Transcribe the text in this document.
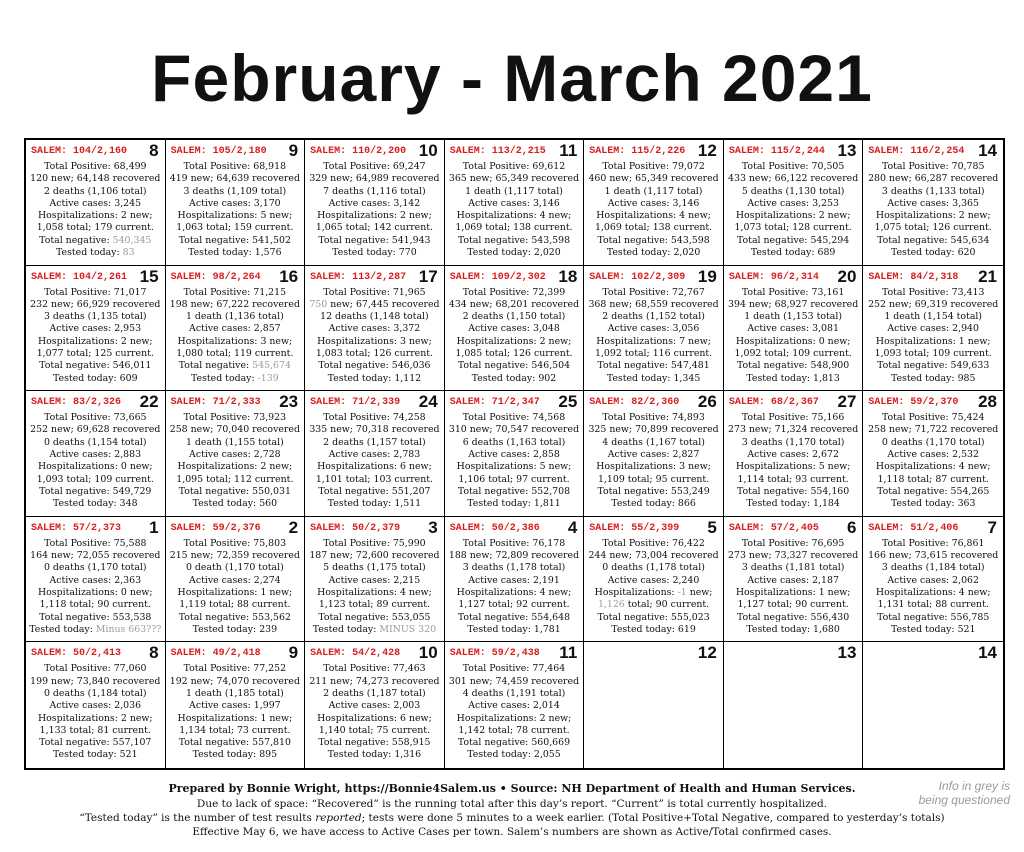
February - March 2021
SALEM: 104/2,160 8
Total Positive: 68,499
120 new; 64,148 recovered
2 deaths (1,106 total)
Active cases: 3,245
Hospitalizations: 2 new;
1,058 total; 179 current.
Total negative: 540,345
Tested today: 83
SALEM: 105/2,180 9
Total Positive: 68,918
419 new; 64,639 recovered
3 deaths (1,109 total)
Active cases: 3,170
Hospitalizations: 5 new;
1,063 total; 159 current.
Total negative: 541,502
Tested today: 1,576
SALEM: 110/2,200 10
Total Positive: 69,247
329 new; 64,989 recovered
7 deaths (1,116 total)
Active cases: 3,142
Hospitalizations: 2 new;
1,065 total; 142 current.
Total negative: 541,943
Tested today: 770
SALEM: 113/2,215 11
Total Positive: 69,612
365 new; 65,349 recovered
1 death (1,117 total)
Active cases: 3,146
Hospitalizations: 4 new;
1,069 total; 138 current.
Total negative: 543,598
Tested today: 2,020
SALEM: 115/2,226 12
Total Positive: 79,072
460 new; 65,349 recovered
1 death (1,117 total)
Active cases: 3,146
Hospitalizations: 4 new;
1,069 total; 138 current.
Total negative: 543,598
Tested today: 2,020
SALEM: 115/2,244 13
Total Positive: 70,505
433 new; 66,122 recovered
5 deaths (1,130 total)
Active cases: 3,253
Hospitalizations: 2 new;
1,073 total; 128 current.
Total negative: 545,294
Tested today: 689
SALEM: 116/2,254 14
Total Positive: 70,785
280 new; 66,287 recovered
3 deaths (1,133 total)
Active cases: 3,365
Hospitalizations: 2 new;
1,075 total; 126 current.
Total negative: 545,634
Tested today: 620
SALEM: 104/2,261 15
Total Positive: 71,017
232 new; 66,929 recovered
3 deaths (1,135 total)
Active cases: 2,953
Hospitalizations: 2 new;
1,077 total; 125 current.
Total negative: 546,011
Tested today: 609
SALEM: 98/2,264 16
Total Positive: 71,215
198 new; 67,222 recovered
1 death (1,136 total)
Active cases: 2,857
Hospitalizations: 3 new;
1,080 total; 119 current.
Total negative: 545,674
Tested today: -139
SALEM: 113/2,287 17
Total Positive: 71,965
750 new; 67,445 recovered
12 deaths (1,148 total)
Active cases: 3,372
Hospitalizations: 3 new;
1,083 total; 126 current.
Total negative: 546,036
Tested today: 1,112
SALEM: 109/2,302 18
Total Positive: 72,399
434 new; 68,201 recovered
2 deaths (1,150 total)
Active cases: 3,048
Hospitalizations: 2 new;
1,085 total; 126 current.
Total negative: 546,504
Tested today: 902
SALEM: 102/2,309 19
Total Positive: 72,767
368 new; 68,559 recovered
2 deaths (1,152 total)
Active cases: 3,056
Hospitalizations: 7 new;
1,092 total; 116 current.
Total negative: 547,481
Tested today: 1,345
SALEM: 96/2,314 20
Total Positive: 73,161
394 new; 68,927 recovered
1 death (1,153 total)
Active cases: 3,081
Hospitalizations: 0 new;
1,092 total; 109 current.
Total negative: 548,900
Tested today: 1,813
SALEM: 84/2,318 21
Total Positive: 73,413
252 new; 69,319 recovered
1 death (1,154 total)
Active cases: 2,940
Hospitalizations: 1 new;
1,093 total; 109 current.
Total negative: 549,633
Tested today: 985
SALEM: 83/2,326 22
Total Positive: 73,665
252 new; 69,628 recovered
0 deaths (1,154 total)
Active cases: 2,883
Hospitalizations: 0 new;
1,093 total; 109 current.
Total negative: 549,729
Tested today: 348
SALEM: 71/2,333 23
Total Positive: 73,923
258 new; 70,040 recovered
1 death (1,155 total)
Active cases: 2,728
Hospitalizations: 2 new;
1,095 total; 112 current.
Total negative: 550,031
Tested today: 560
SALEM: 71/2,339 24
Total Positive: 74,258
335 new; 70,318 recovered
2 deaths (1,157 total)
Active cases: 2,783
Hospitalizations: 6 new;
1,101 total; 103 current.
Total negative: 551,207
Tested today: 1,511
SALEM: 71/2,347 25
Total Positive: 74,568
310 new; 70,547 recovered
6 deaths (1,163 total)
Active cases: 2,858
Hospitalizations: 5 new;
1,106 total; 97 current.
Total negative: 552,708
Tested today: 1,811
SALEM: 82/2,360 26
Total Positive: 74,893
325 new; 70,899 recovered
4 deaths (1,167 total)
Active cases: 2,827
Hospitalizations: 3 new;
1,109 total; 95 current.
Total negative: 553,249
Tested today: 866
SALEM: 68/2,367 27
Total Positive: 75,166
273 new; 71,324 recovered
3 deaths (1,170 total)
Active cases: 2,672
Hospitalizations: 5 new;
1,114 total; 93 current.
Total negative: 554,160
Tested today: 1,184
SALEM: 59/2,370 28
Total Positive: 75,424
258 new; 71,722 recovered
0 deaths (1,170 total)
Active cases: 2,532
Hospitalizations: 4 new;
1,118 total; 87 current.
Total negative: 554,265
Tested today: 363
SALEM: 57/2,373 1
Total Positive: 75,588
164 new; 72,055 recovered
0 deaths (1,170 total)
Active cases: 2,363
Hospitalizations: 0 new;
1,118 total; 90 current.
Total negative: 553,538
Tested today: Minus 663???
SALEM: 59/2,376 2
Total Positive: 75,803
215 new; 72,359 recovered
0 death (1,170 total)
Active cases: 2,274
Hospitalizations: 1 new;
1,119 total; 88 current.
Total negative: 553,562
Tested today: 239
SALEM: 50/2,379 3
Total Positive: 75,990
187 new; 72,600 recovered
5 deaths (1,175 total)
Active cases: 2,215
Hospitalizations: 4 new;
1,123 total; 89 current.
Total negative: 553,055
Tested today: MINUS 320
SALEM: 50/2,386 4
Total Positive: 76,178
188 new; 72,809 recovered
3 deaths (1,178 total)
Active cases: 2,191
Hospitalizations: 4 new;
1,127 total; 92 current.
Total negative: 554,648
Tested today: 1,781
SALEM: 55/2,399 5
Total Positive: 76,422
244 new; 73,004 recovered
0 deaths (1,178 total)
Active cases: 2,240
Hospitalizations: -1 new;
1,126 total; 90 current.
Total negative: 555,023
Tested today: 619
SALEM: 57/2,405 6
Total Positive: 76,695
273 new; 73,327 recovered
3 deaths (1,181 total)
Active cases: 2,187
Hospitalizations: 1 new;
1,127 total; 90 current.
Total negative: 556,430
Tested today: 1,680
SALEM: 51/2,406 7
Total Positive: 76,861
166 new; 73,615 recovered
3 deaths (1,184 total)
Active cases: 2,062
Hospitalizations: 4 new;
1,131 total; 88 current.
Total negative: 556,785
Tested today: 521
SALEM: 50/2,413 8
Total Positive: 77,060
199 new; 73,840 recovered
0 deaths (1,184 total)
Active cases: 2,036
Hospitalizations: 2 new;
1,133 total; 81 current.
Total negative: 557,107
Tested today: 521
SALEM: 49/2,418 9
Total Positive: 77,252
192 new; 74,070 recovered
1 death (1,185 total)
Active cases: 1,997
Hospitalizations: 1 new;
1,134 total; 73 current.
Total negative: 557,810
Tested today: 895
SALEM: 54/2,428 10
Total Positive: 77,463
211 new; 74,273 recovered
2 deaths (1,187 total)
Active cases: 2,003
Hospitalizations: 6 new;
1,140 total; 75 current.
Total negative: 558,915
Tested today: 1,316
SALEM: 59/2,438 11
Total Positive: 77,464
301 new; 74,459 recovered
4 deaths (1,191 total)
Active cases: 2,014
Hospitalizations: 2 new;
1,142 total; 78 current.
Total negative: 560,669
Tested today: 2,055
12	13	14
Prepared by Bonnie Wright, https://Bonnie4Salem.us • Source: NH Department of Health and Human Services.
Due to lack of space: “Recovered” is the running total after this day’s report. “Current” is total currently hospitalized.
“Tested today” is the number of test results reported; tests were done 5 minutes to a week earlier. (Total Positive+Total Negative, compared to yesterday’s totals)
Effective May 6, we have access to Active Cases per town. Salem’s numbers are shown as Active/Total confirmed cases.
Info in grey is
being questioned
